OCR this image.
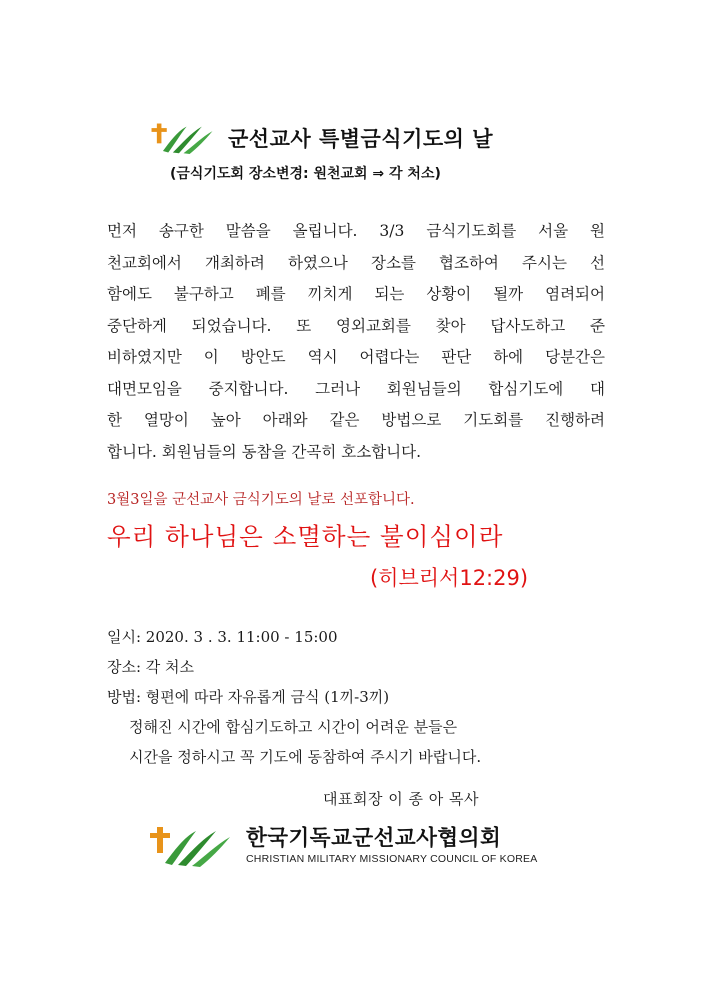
군선교사 특별금식기도의 날
(금식기도회 장소변경: 원천교회 ⇒ 각 처소)
먼저 송구한 말씀을 올립니다. 3/3 금식기도회를 서울 원
천교회에서 개최하려 하였으나 장소를 협조하여 주시는 선
함에도 불구하고 폐를 끼치게 되는 상황이 될까 염려되어
중단하게 되었습니다. 또 영외교회를 찾아 답사도하고 준
비하였지만 이 방안도 역시 어렵다는 판단 하에 당분간은
대면모임을 중지합니다. 그러나 회원님들의 합심기도에 대
한 열망이 높아 아래와 같은 방법으로 기도회를 진행하려
합니다. 회원님들의 동참을 간곡히 호소합니다.
3월3일을 군선교사 금식기도의 날로 선포합니다.
우리 하나님은 소멸하는 불이심이라
(히브리서12:29)
일시: 2020. 3 . 3. 11:00 - 15:00
장소: 각 처소
방법: 형편에 따라 자유롭게 금식 (1끼-3끼)
정해진 시간에 합심기도하고 시간이 어려운 분들은
시간을 정하시고 꼭 기도에 동참하여 주시기 바랍니다.
대표회장 이 종 아 목사
한국기독교군선교사협의회
CHRISTIAN MILITARY MISSIONARY COUNCIL OF KOREA
